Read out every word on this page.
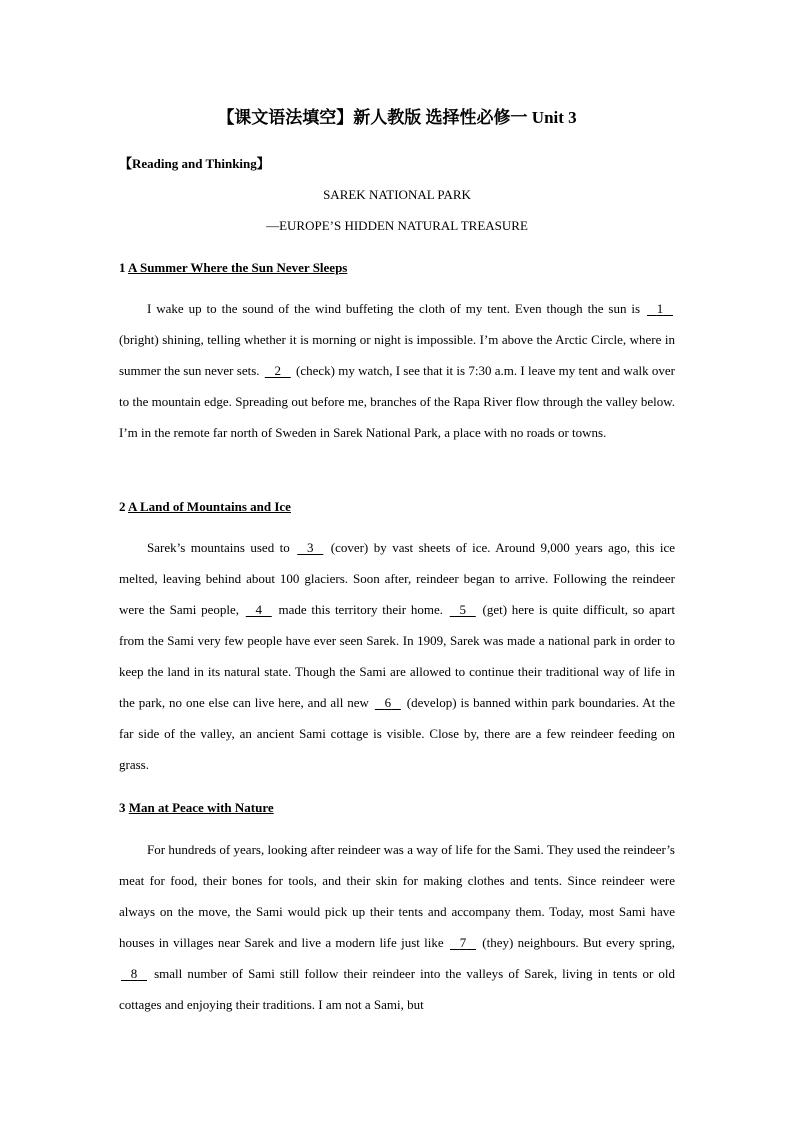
【课文语法填空】新人教版 选择性必修一 Unit 3
【Reading and Thinking】
SAREK NATIONAL PARK
—EUROPE’S HIDDEN NATURAL TREASURE
1 A Summer Where the Sun Never Sleeps

I wake up to the sound of the wind buffeting the cloth of my tent. Even though the sun is    1    (bright) shining, telling whether it is morning or night is impossible. I’m above the Arctic Circle, where in summer the sun never sets.    2    (check) my watch, I see that it is 7:30 a.m. I leave my tent and walk over to the mountain edge. Spreading out before me, branches of the Rapa River flow through the valley below. I’m in the remote far north of Sweden in Sarek National Park, a place with no roads or towns.

2 A Land of Mountains and Ice

Sarek’s mountains used to    3    (cover) by vast sheets of ice. Around 9,000 years ago, this ice melted, leaving behind about 100 glaciers. Soon after, reindeer began to arrive. Following the reindeer were the Sami people,    4    made this territory their home.    5    (get) here is quite difficult, so apart from the Sami very few people have ever seen Sarek. In 1909, Sarek was made a national park in order to keep the land in its natural state. Though the Sami are allowed to continue their traditional way of life in the park, no one else can live here, and all new    6    (develop) is banned within park boundaries. At the far side of the valley, an ancient Sami cottage is visible. Close by, there are a few reindeer feeding on grass.

3 Man at Peace with Nature

For hundreds of years, looking after reindeer was a way of life for the Sami. They used the reindeer’s meat for food, their bones for tools, and their skin for making clothes and tents. Since reindeer were always on the move, the Sami would pick up their tents and accompany them. Today, most Sami have houses in villages near Sarek and live a modern life just like    7    (they) neighbours. But every spring,    8    small number of Sami still follow their reindeer into the valleys of Sarek, living in tents or old cottages and enjoying their traditions. I am not a Sami, but
